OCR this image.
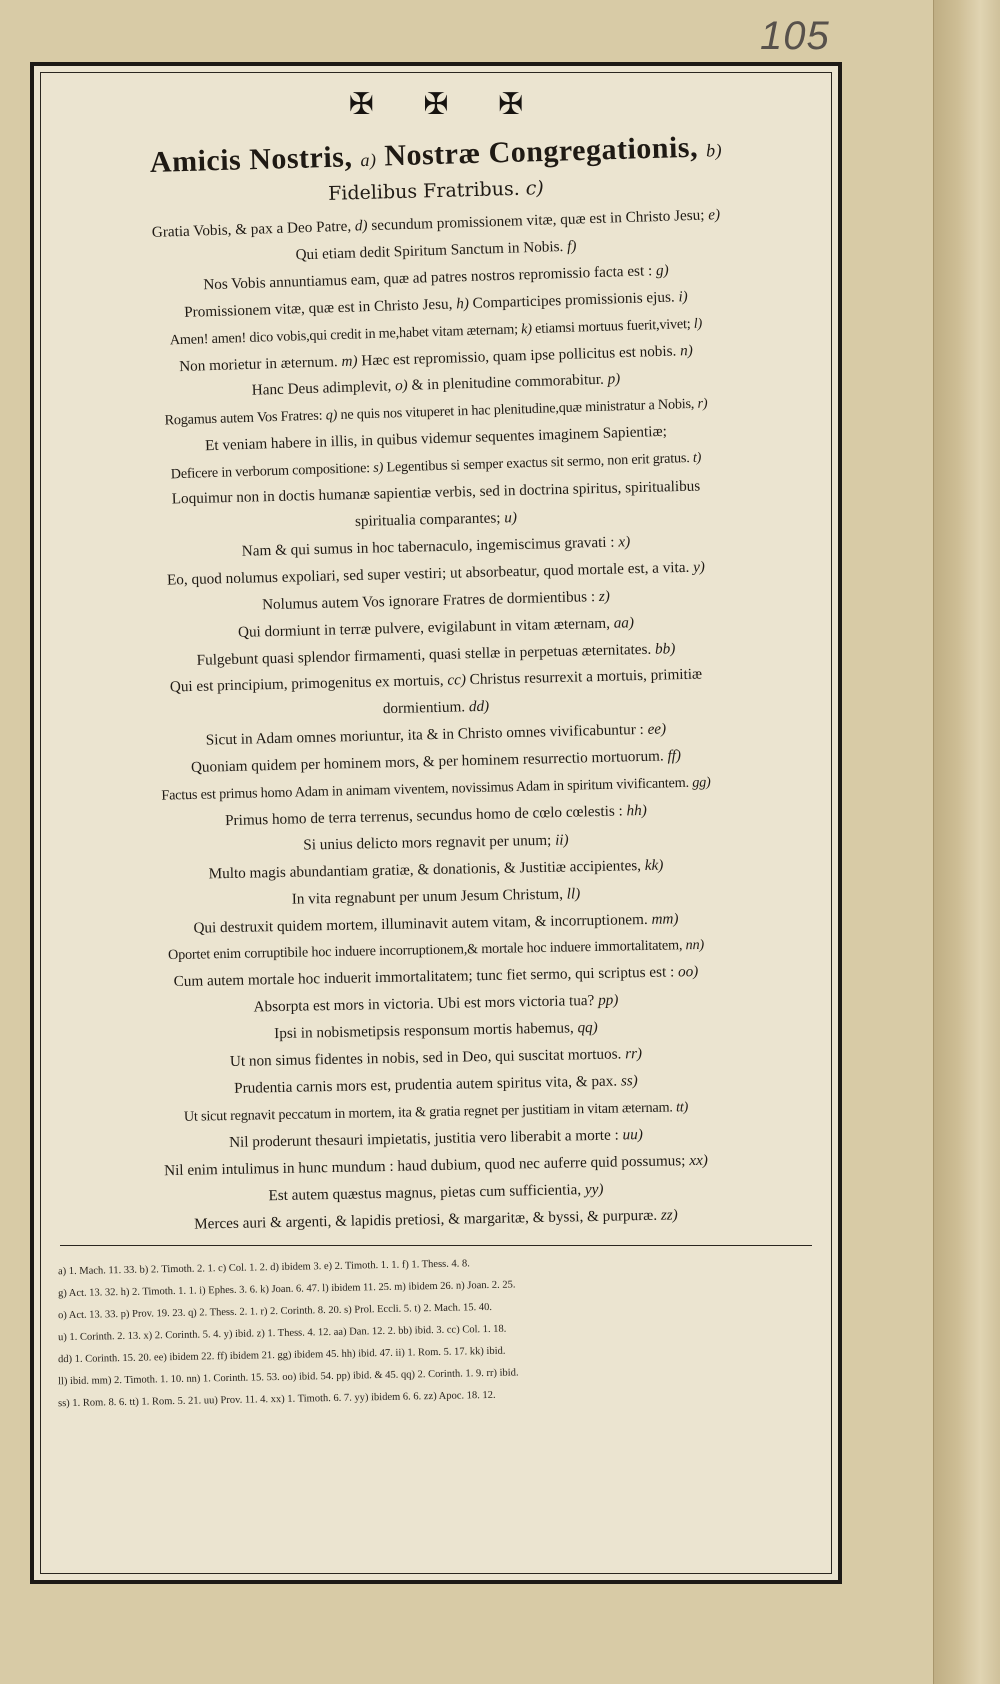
105
✠ ✠ ✠
Amicis Nostris, a) Nostræ Congregationis, b)
Fidelibus Fratribus. c)
Gratia Vobis, & pax a Deo Patre, d) secundum promissionem vitæ, quæ est in Christo Jesu; e)
Qui etiam dedit Spiritum Sanctum in Nobis. f)
Nos Vobis annuntiamus eam, quæ ad patres nostros repromissio facta est : g)
Promissionem vitæ, quæ est in Christo Jesu, h) Comparticipes promissionis ejus. i)
Amen! amen! dico vobis,qui credit in me,habet vitam æternam; k) etiamsi mortuus fuerit,vivet; l)
Non morietur in æternum. m) Hæc est repromissio, quam ipse pollicitus est nobis. n)
Hanc Deus adimplevit, o) & in plenitudine commorabitur. p)
Rogamus autem Vos Fratres: q) ne quis nos vituperet in hac plenitudine,quæ ministratur a Nobis, r)
Et veniam habere in illis, in quibus videmur sequentes imaginem Sapientiæ;
Deficere in verborum compositione: s) Legentibus si semper exactus sit sermo, non erit gratus. t)
Loquimur non in doctis humanæ sapientiæ verbis, sed in doctrina spiritus, spiritualibus
spiritualia comparantes; u)
Nam & qui sumus in hoc tabernaculo, ingemiscimus gravati : x)
Eo, quod nolumus expoliari, sed super vestiri; ut absorbeatur, quod mortale est, a vita. y)
Nolumus autem Vos ignorare Fratres de dormientibus : z)
Qui dormiunt in terræ pulvere, evigilabunt in vitam æternam, aa)
Fulgebunt quasi splendor firmamenti, quasi stellæ in perpetuas æternitates. bb)
Qui est principium, primogenitus ex mortuis, cc) Christus resurrexit a mortuis, primitiæ
dormientium. dd)
Sicut in Adam omnes moriuntur, ita & in Christo omnes vivificabuntur : ee)
Quoniam quidem per hominem mors, & per hominem resurrectio mortuorum. ff)
Factus est primus homo Adam in animam viventem, novissimus Adam in spiritum vivificantem. gg)
Primus homo de terra terrenus, secundus homo de cœlo cœlestis : hh)
Si unius delicto mors regnavit per unum; ii)
Multo magis abundantiam gratiæ, & donationis, & Justitiæ accipientes, kk)
In vita regnabunt per unum Jesum Christum, ll)
Qui destruxit quidem mortem, illuminavit autem vitam, & incorruptionem. mm)
Oportet enim corruptibile hoc induere incorruptionem,& mortale hoc induere immortalitatem, nn)
Cum autem mortale hoc induerit immortalitatem; tunc fiet sermo, qui scriptus est : oo)
Absorpta est mors in victoria. Ubi est mors victoria tua? pp)
Ipsi in nobismetipsis responsum mortis habemus, qq)
Ut non simus fidentes in nobis, sed in Deo, qui suscitat mortuos. rr)
Prudentia carnis mors est, prudentia autem spiritus vita, & pax. ss)
Ut sicut regnavit peccatum in mortem, ita & gratia regnet per justitiam in vitam æternam. tt)
Nil proderunt thesauri impietatis, justitia vero liberabit a morte : uu)
Nil enim intulimus in hunc mundum : haud dubium, quod nec auferre quid possumus; xx)
Est autem quæstus magnus, pietas cum sufficientia, yy)
Merces auri & argenti, & lapidis pretiosi, & margaritæ, & byssi, & purpuræ. zz)
a) 1. Mach. 11. 33. b) 2. Timoth. 2. 1. c) Col. 1. 2. d) ibidem 3. e) 2. Timoth. 1. 1. f) 1. Thess. 4. 8.
g) Act. 13. 32. h) 2. Timoth. 1. 1. i) Ephes. 3. 6. k) Joan. 6. 47. l) ibidem 11. 25. m) ibidem 26. n) Joan. 2. 25.
o) Act. 13. 33. p) Prov. 19. 23. q) 2. Thess. 2. 1. r) 2. Corinth. 8. 20. s) Prol. Eccli. 5. t) 2. Mach. 15. 40.
u) 1. Corinth. 2. 13. x) 2. Corinth. 5. 4. y) ibid. z) 1. Thess. 4. 12. aa) Dan. 12. 2. bb) ibid. 3. cc) Col. 1. 18.
dd) 1. Corinth. 15. 20. ee) ibidem 22. ff) ibidem 21. gg) ibidem 45. hh) ibid. 47. ii) 1. Rom. 5. 17. kk) ibid.
ll) ibid. mm) 2. Timoth. 1. 10. nn) 1. Corinth. 15. 53. oo) ibid. 54. pp) ibid. & 45. qq) 2. Corinth. 1. 9. rr) ibid.
ss) 1. Rom. 8. 6. tt) 1. Rom. 5. 21. uu) Prov. 11. 4. xx) 1. Timoth. 6. 7. yy) ibidem 6. 6. zz) Apoc. 18. 12.
